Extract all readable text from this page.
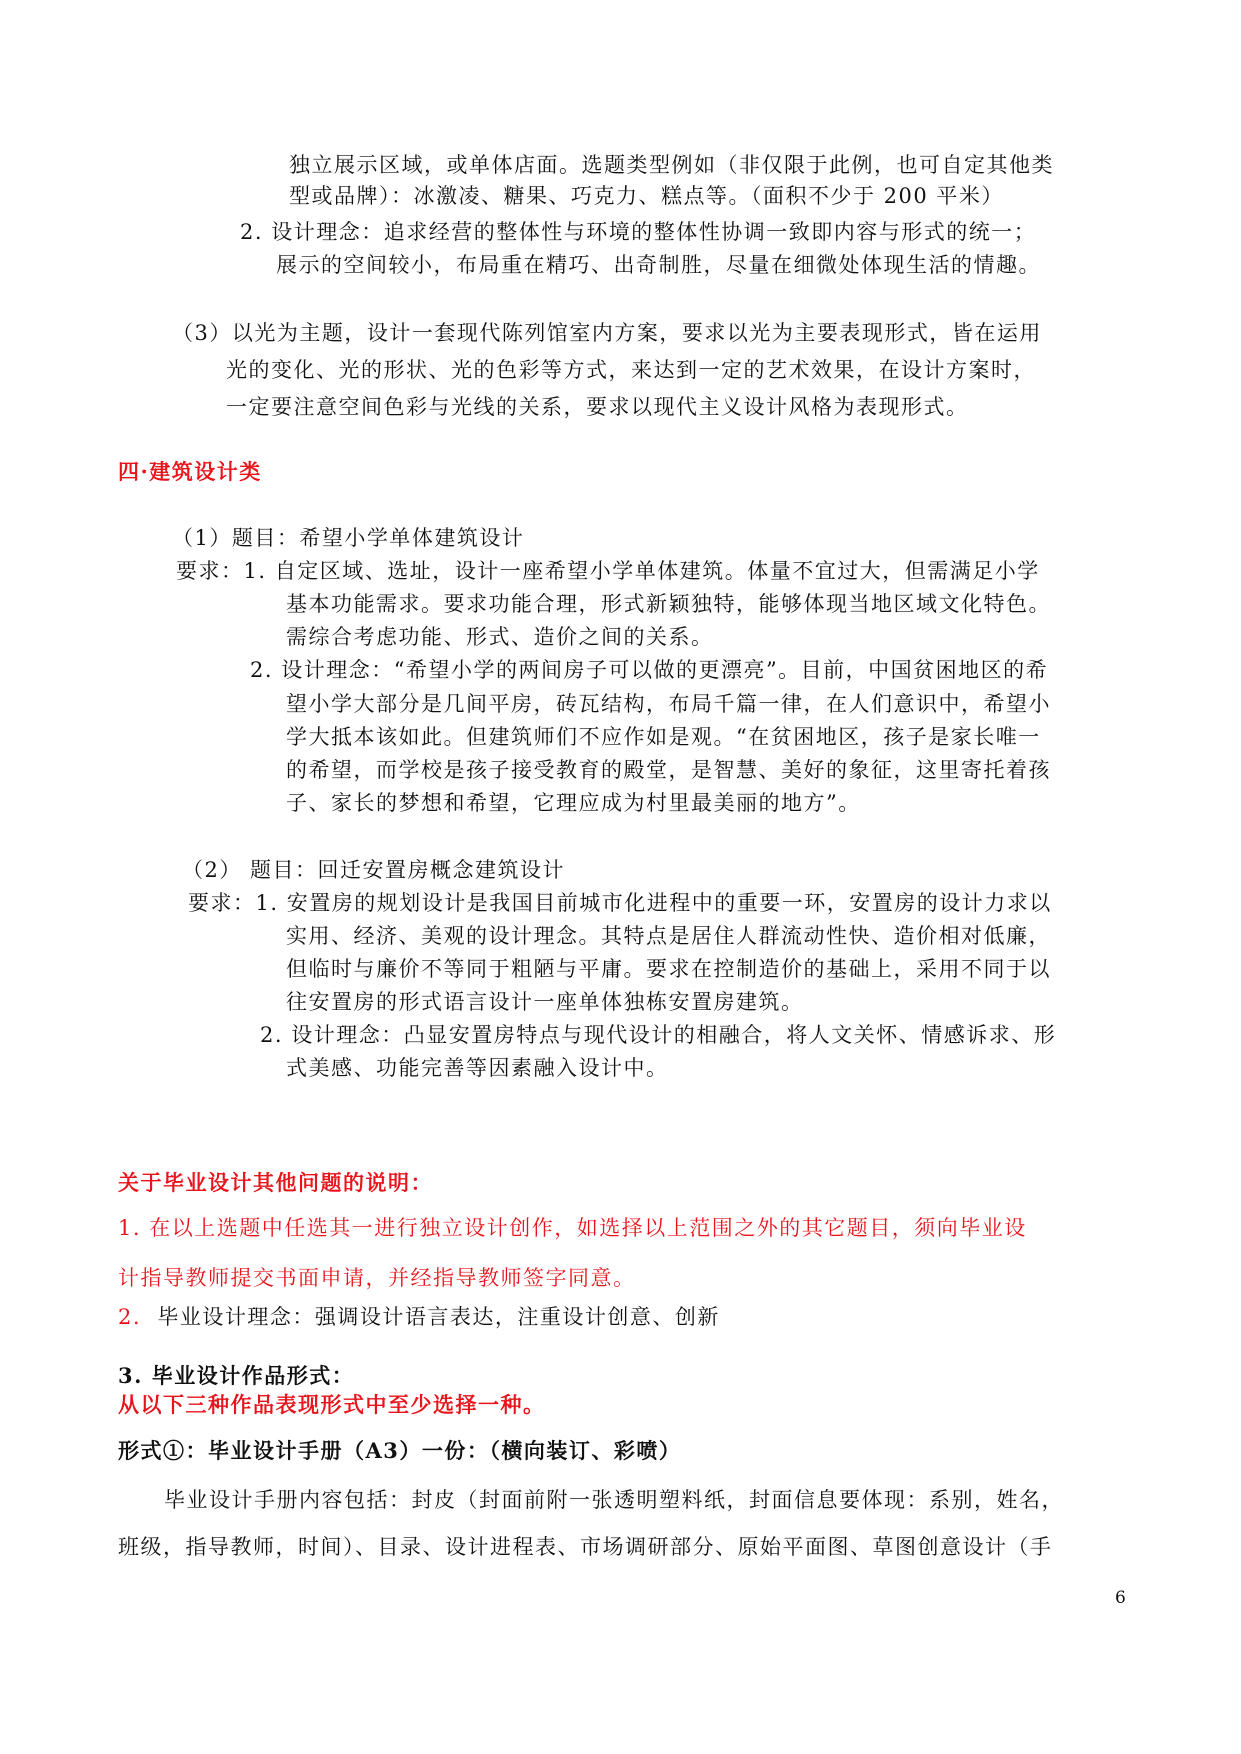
独立展示区域，或单体店面。选题类型例如（非仅限于此例，也可自定其他类
型或品牌）：冰激凌、糖果、巧克力、糕点等。（面积不少于 200 平米）
2. 设计理念：追求经营的整体性与环境的整体性协调一致即内容与形式的统一；
展示的空间较小，布局重在精巧、出奇制胜，尽量在细微处体现生活的情趣。
（3）以光为主题，设计一套现代陈列馆室内方案，要求以光为主要表现形式，皆在运用
光的变化、光的形状、光的色彩等方式，来达到一定的艺术效果，在设计方案时，
一定要注意空间色彩与光线的关系，要求以现代主义设计风格为表现形式。
四·建筑设计类
（1）题目：希望小学单体建筑设计
要求：1. 自定区域、选址，设计一座希望小学单体建筑。体量不宜过大，但需满足小学
基本功能需求。要求功能合理，形式新颖独特，能够体现当地区域文化特色。
需综合考虑功能、形式、造价之间的关系。
2. 设计理念：“希望小学的两间房子可以做的更漂亮”。目前，中国贫困地区的希
望小学大部分是几间平房，砖瓦结构，布局千篇一律，在人们意识中，希望小
学大抵本该如此。但建筑师们不应作如是观。“在贫困地区，孩子是家长唯一
的希望，而学校是孩子接受教育的殿堂，是智慧、美好的象征，这里寄托着孩
子、家长的梦想和希望，它理应成为村里最美丽的地方”。
（2） 题目：回迁安置房概念建筑设计
要求：1. 安置房的规划设计是我国目前城市化进程中的重要一环，安置房的设计力求以
实用、经济、美观的设计理念。其特点是居住人群流动性快、造价相对低廉，
但临时与廉价不等同于粗陋与平庸。要求在控制造价的基础上，采用不同于以
往安置房的形式语言设计一座单体独栋安置房建筑。
2. 设计理念：凸显安置房特点与现代设计的相融合，将人文关怀、情感诉求、形
式美感、功能完善等因素融入设计中。
关于毕业设计其他问题的说明：
1. 在以上选题中任选其一进行独立设计创作，如选择以上范围之外的其它题目，须向毕业设
计指导教师提交书面申请，并经指导教师签字同意。
2. 毕业设计理念：强调设计语言表达，注重设计创意、创新
3. 毕业设计作品形式：
从以下三种作品表现形式中至少选择一种。
形式①：毕业设计手册（A3）一份：（横向装订、彩喷）
毕业设计手册内容包括：封皮（封面前附一张透明塑料纸，封面信息要体现：系别，姓名，
班级，指导教师，时间）、目录、设计进程表、市场调研部分、原始平面图、草图创意设计（手
6
